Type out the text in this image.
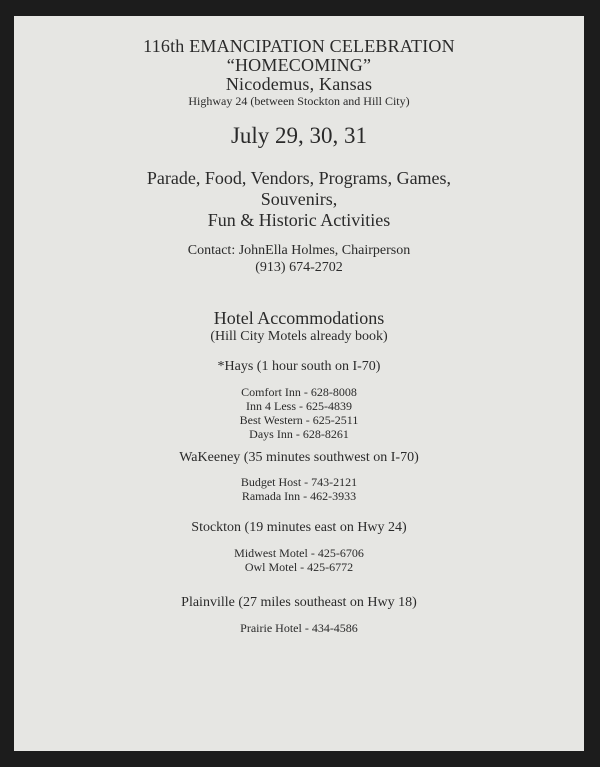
116th EMANCIPATION CELEBRATION
“HOMECOMING”
Nicodemus, Kansas
Highway 24 (between Stockton and Hill City)
July 29, 30, 31
Parade, Food, Vendors, Programs, Games,
Souvenirs,
Fun & Historic Activities
Contact: JohnElla Holmes, Chairperson
(913) 674-2702
Hotel Accommodations
(Hill City Motels already book)
*Hays (1 hour south on I-70)
Comfort Inn - 628-8008
Inn 4 Less - 625-4839
Best Western - 625-2511
Days Inn - 628-8261
WaKeeney (35 minutes southwest on I-70)
Budget Host - 743-2121
Ramada Inn - 462-3933
Stockton (19 minutes east on Hwy 24)
Midwest Motel - 425-6706
Owl Motel - 425-6772
Plainville (27 miles southeast on Hwy 18)
Prairie Hotel - 434-4586
